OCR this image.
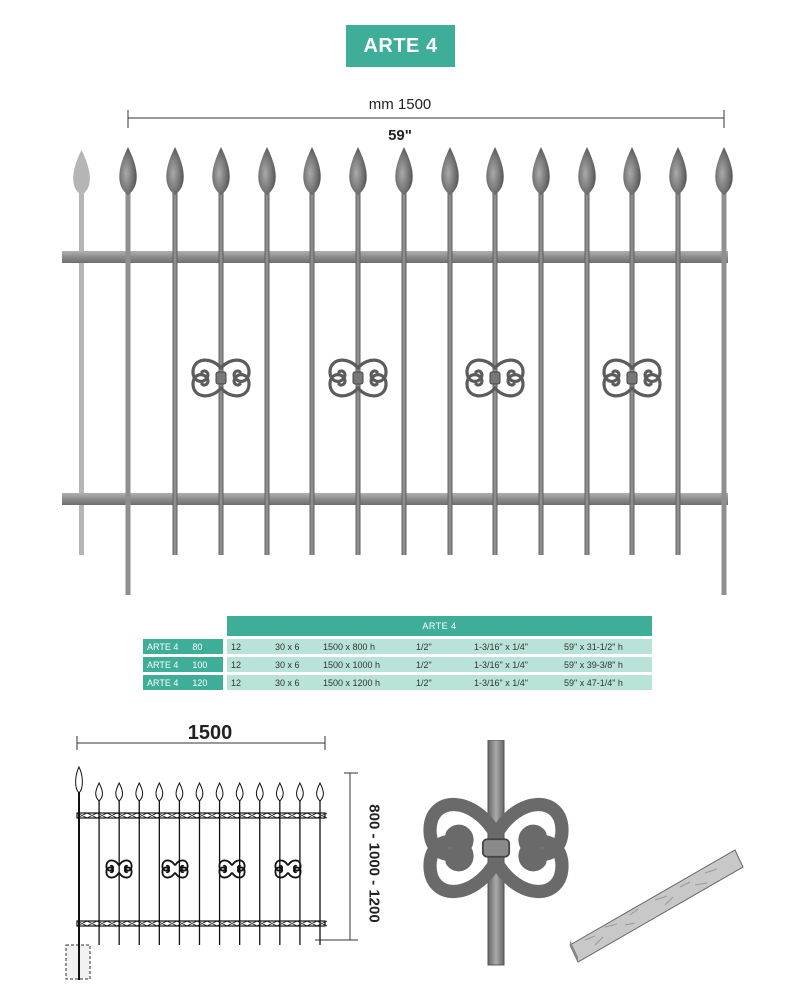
ARTE 4
mm 1500
59"
		ARTE 4					
ARTE 4 80		12	30 x 6	1500 x 800 h	1/2"	1-3/16" x 1/4"	59" x 31-1/2" h
ARTE 4 100		12	30 x 6	1500 x 1000 h	1/2"	1-3/16" x 1/4"	59" x 39-3/8" h
ARTE 4 120		12	30 x 6	1500 x 1200 h	1/2"	1-3/16" x 1/4"	59" x 47-1/4" h
1500
800 - 1000 - 1200
